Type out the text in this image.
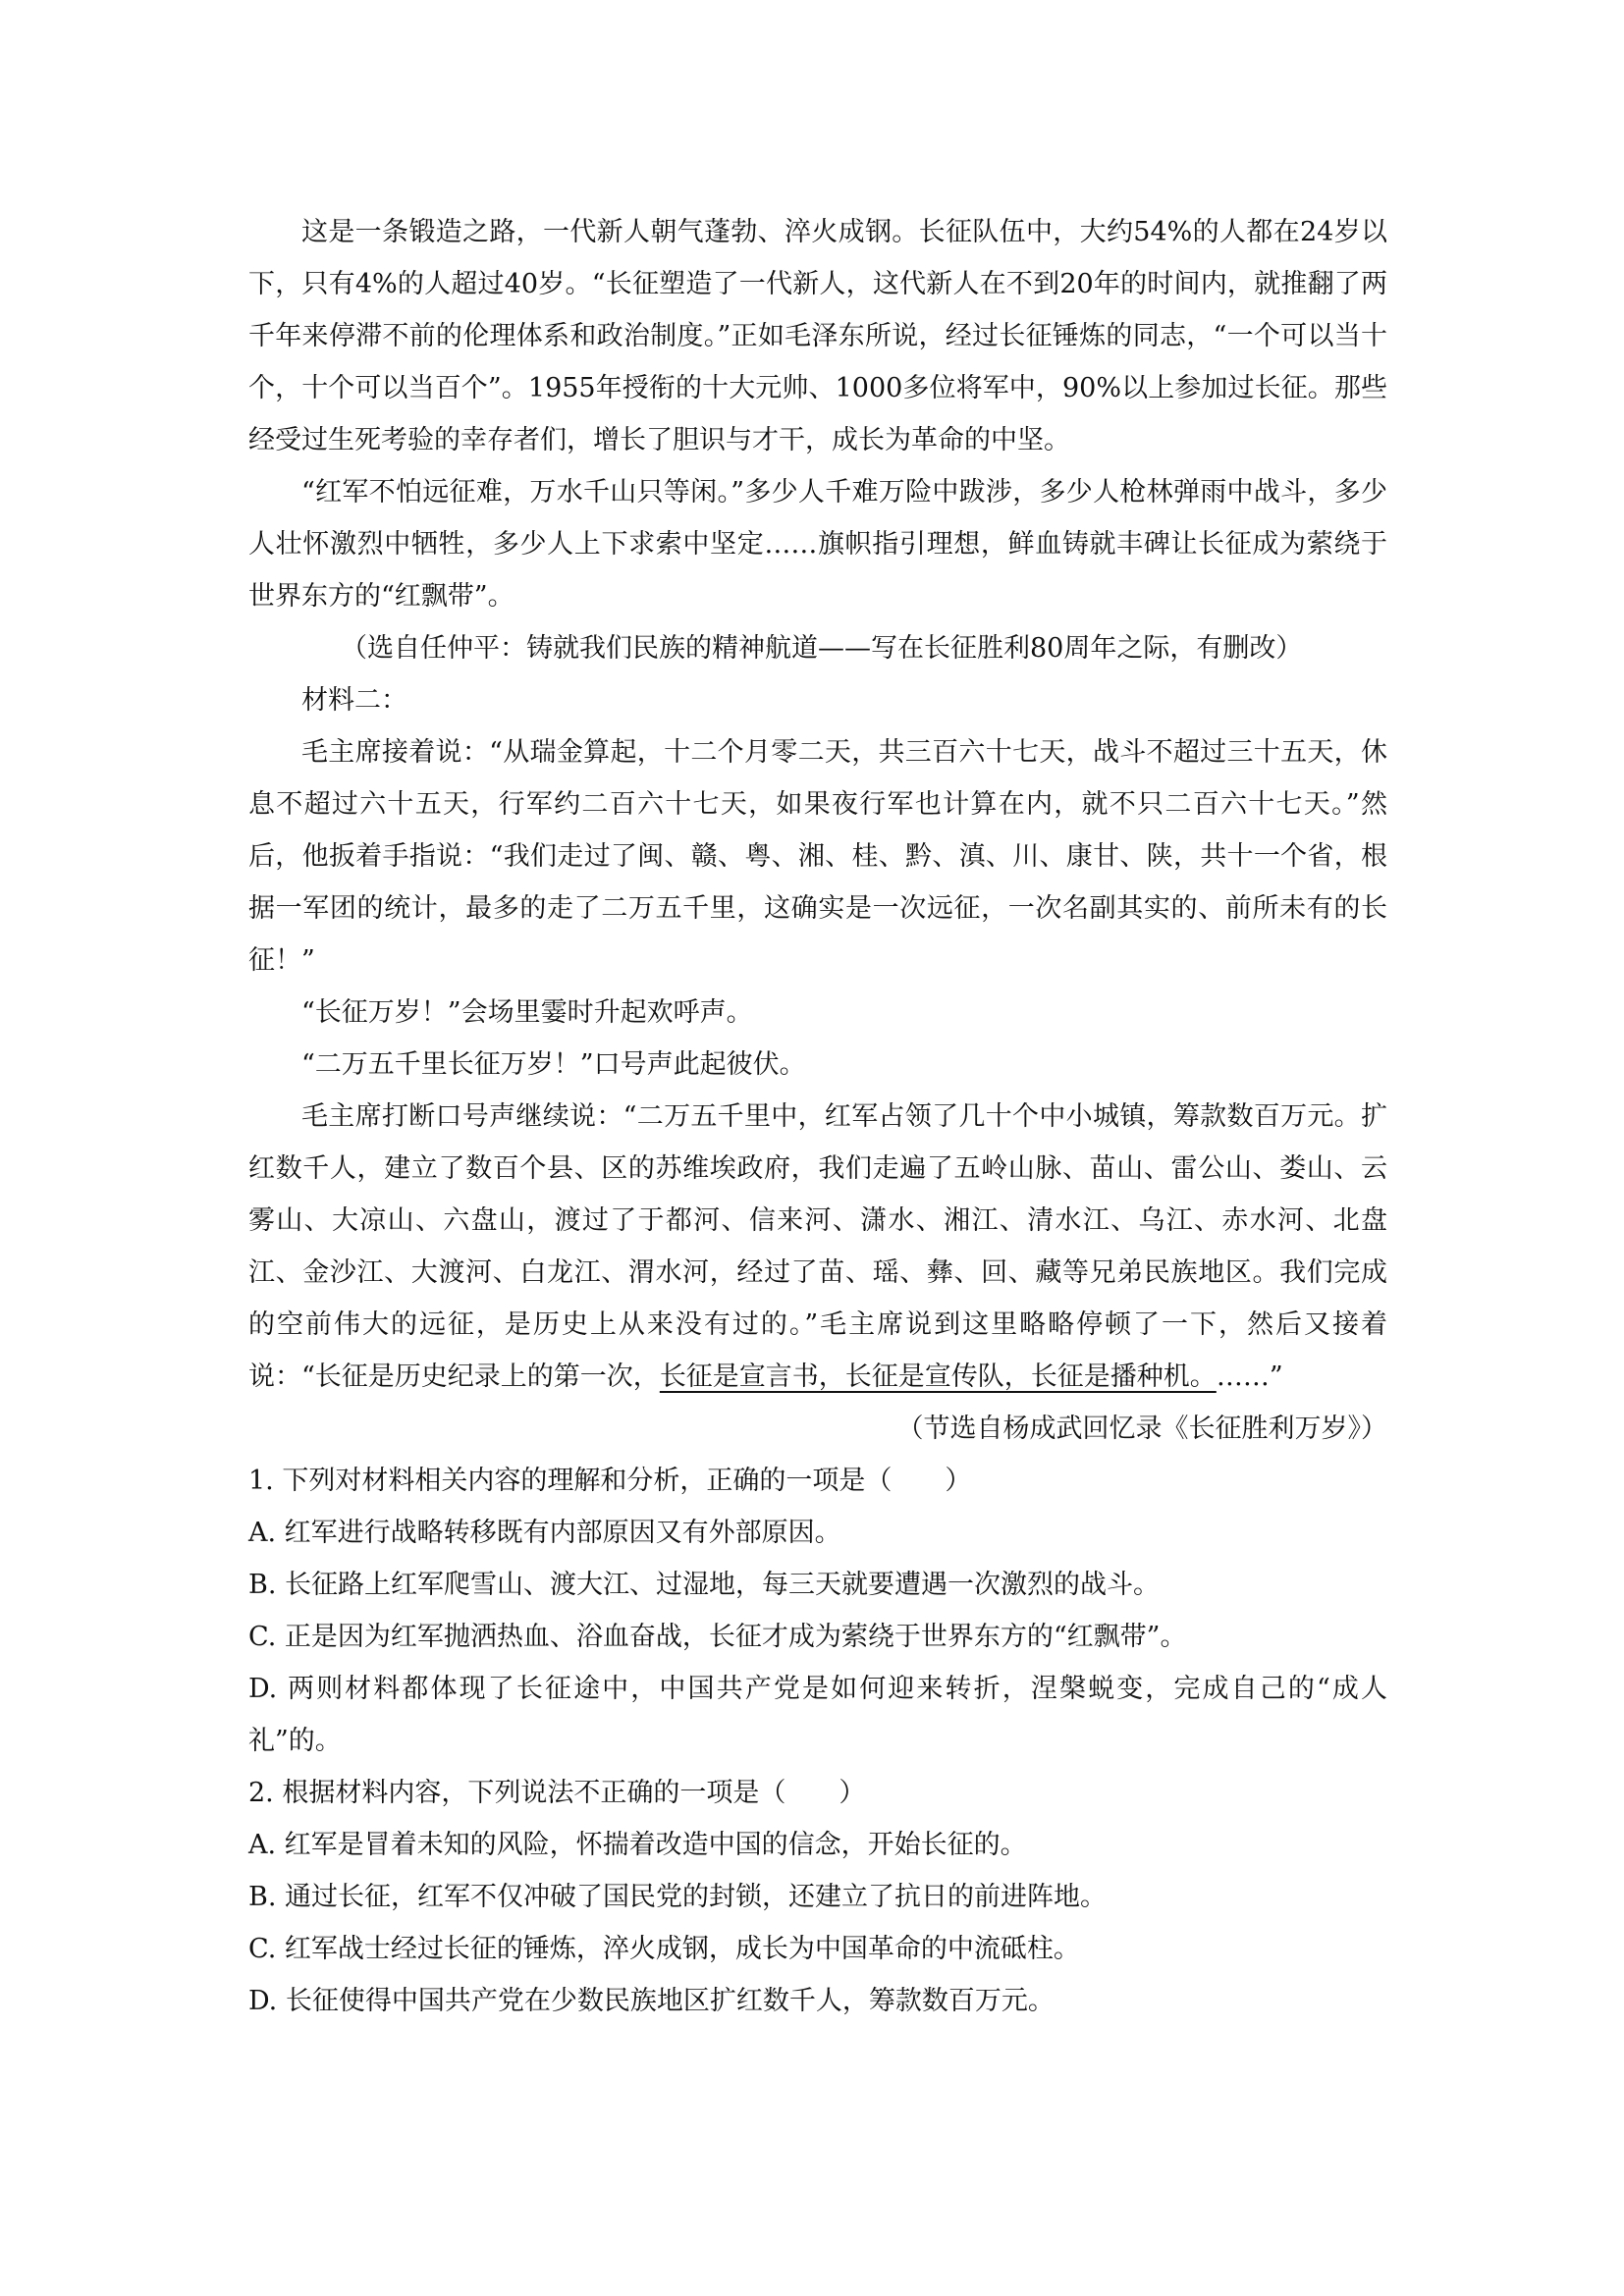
这是一条锻造之路，一代新人朝气蓬勃、淬火成钢。长征队伍中，大约54%的人都在24岁以下，只有4%的人超过40岁。“长征塑造了一代新人，这代新人在不到20年的时间内，就推翻了两千年来停滞不前的伦理体系和政治制度。”正如毛泽东所说，经过长征锤炼的同志，“一个可以当十个，十个可以当百个”。1955年授衔的十大元帅、1000多位将军中，90%以上参加过长征。那些经受过生死考验的幸存者们，增长了胆识与才干，成长为革命的中坚。

“红军不怕远征难，万水千山只等闲。”多少人千难万险中跋涉，多少人枪林弹雨中战斗，多少人壮怀激烈中牺牲，多少人上下求索中坚定……旗帜指引理想，鲜血铸就丰碑让长征成为萦绕于世界东方的“红飘带”。

（选自任仲平：铸就我们民族的精神航道——写在长征胜利80周年之际，有删改）

材料二：

毛主席接着说：“从瑞金算起，十二个月零二天，共三百六十七天，战斗不超过三十五天，休息不超过六十五天，行军约二百六十七天，如果夜行军也计算在内，就不只二百六十七天。”然后，他扳着手指说：“我们走过了闽、赣、粤、湘、桂、黔、滇、川、康甘、陕，共十一个省，根据一军团的统计，最多的走了二万五千里，这确实是一次远征，一次名副其实的、前所未有的长征！”

“长征万岁！”会场里霎时升起欢呼声。

“二万五千里长征万岁！”口号声此起彼伏。

毛主席打断口号声继续说：“二万五千里中，红军占领了几十个中小城镇，筹款数百万元。扩红数千人，建立了数百个县、区的苏维埃政府，我们走遍了五岭山脉、苗山、雷公山、娄山、云雾山、大凉山、六盘山，渡过了于都河、信来河、潇水、湘江、清水江、乌江、赤水河、北盘江、金沙江、大渡河、白龙江、渭水河，经过了苗、瑶、彝、回、藏等兄弟民族地区。我们完成的空前伟大的远征，是历史上从来没有过的。”毛主席说到这里略略停顿了一下，然后又接着说：“长征是历史纪录上的第一次，长征是宣言书，长征是宣传队，长征是播种机。……”

（节选自杨成武回忆录《长征胜利万岁》）

1. 下列对材料相关内容的理解和分析，正确的一项是（　　）

A. 红军进行战略转移既有内部原因又有外部原因。

B. 长征路上红军爬雪山、渡大江、过湿地，每三天就要遭遇一次激烈的战斗。

C. 正是因为红军抛洒热血、浴血奋战，长征才成为萦绕于世界东方的“红飘带”。

D. 两则材料都体现了长征途中，中国共产党是如何迎来转折，涅槃蜕变，完成自己的“成人礼”的。

2. 根据材料内容，下列说法不正确的一项是（　　）

A. 红军是冒着未知的风险，怀揣着改造中国的信念，开始长征的。

B. 通过长征，红军不仅冲破了国民党的封锁，还建立了抗日的前进阵地。

C. 红军战士经过长征的锤炼，淬火成钢，成长为中国革命的中流砥柱。

D. 长征使得中国共产党在少数民族地区扩红数千人，筹款数百万元。
